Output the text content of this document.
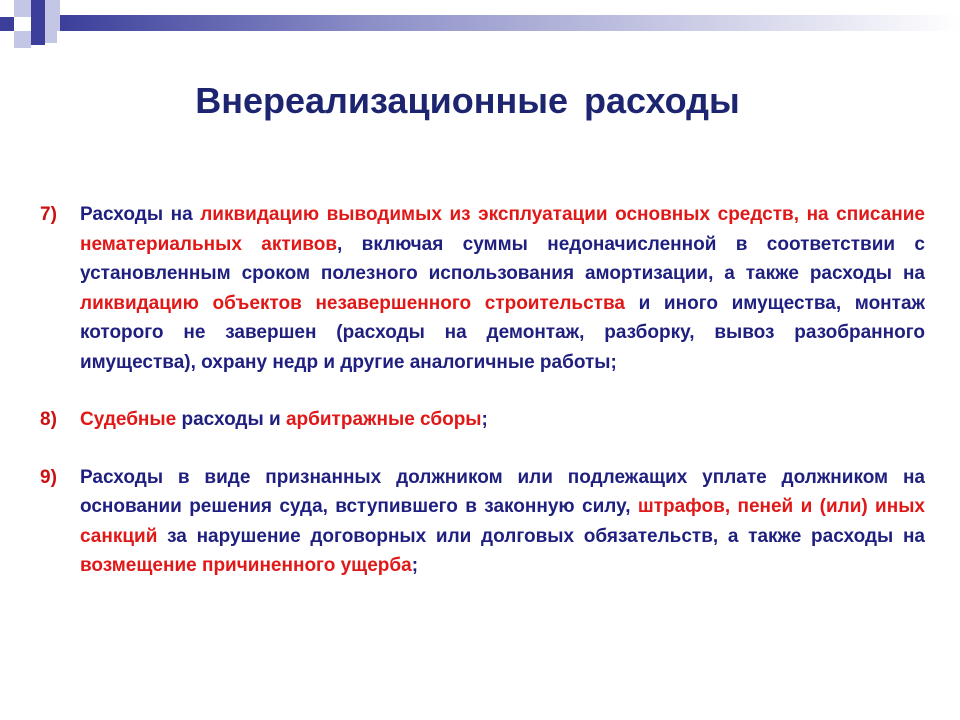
Внереализационные расходы
7) Расходы на ликвидацию выводимых из эксплуатации основных средств, на списание нематериальных активов, включая суммы недоначисленной в соответствии с установленным сроком полезного использования амортизации, а также расходы на ликвидацию объектов незавершенного строительства и иного имущества, монтаж которого не завершен (расходы на демонтаж, разборку, вывоз разобранного имущества), охрану недр и другие аналогичные работы;
8) Судебные расходы и арбитражные сборы;
9) Расходы в виде признанных должником или подлежащих уплате должником на основании решения суда, вступившего в законную силу, штрафов, пеней и (или) иных санкций за нарушение договорных или долговых обязательств, а также расходы на возмещение причиненного ущерба;
